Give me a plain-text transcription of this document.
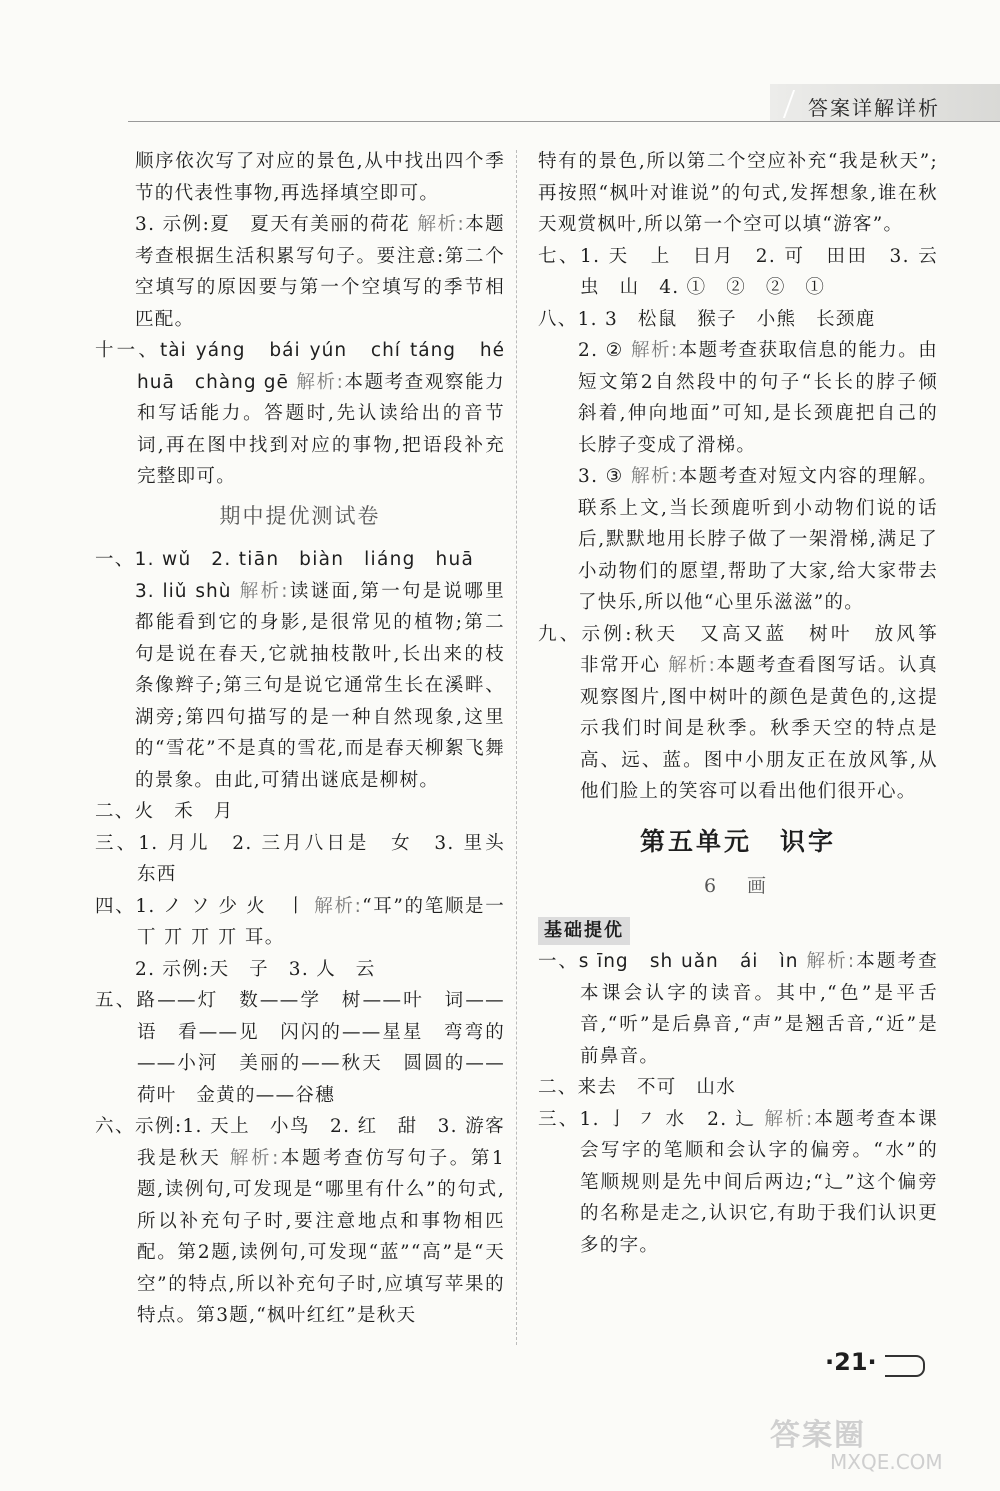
答案详解详析

顺序依次写了对应的景色,从中找出四个季节的代表性事物,再选择填空即可。

3. 示例:夏　夏天有美丽的荷花 解析:本题考查根据生活积累写句子。要注意:第二个空填写的原因要与第一个空填写的季节相匹配。

十一、tài yáng　bái yún　chí táng　hé huā　chàng gē 解析:本题考查观察能力和写话能力。答题时,先认读给出的音节词,再在图中找到对应的事物,把语段补充完整即可。

期中提优测试卷

一、1. wǔ　2. tiān　biàn　liáng　huā

3. liǔ shù 解析:读谜面,第一句是说哪里都能看到它的身影,是很常见的植物;第二句是说在春天,它就抽枝散叶,长出来的枝条像辫子;第三句是说它通常生长在溪畔、湖旁;第四句描写的是一种自然现象,这里的“雪花”不是真的雪花,而是春天柳絮飞舞的景象。由此,可猜出谜底是柳树。

二、火　禾　月

三、1. 月儿　2. 三月八日是　女　3. 里头　东西

四、1. ノ ソ 少 火　丨 解析:“耳”的笔顺是一 丅 丌 丌 丌 耳。

2. 示例:天　子　3. 人　云

五、路——灯　数——学　树——叶　词——语　看——见　闪闪的——星星　弯弯的——小河　美丽的——秋天　圆圆的——荷叶　金黄的——谷穗

六、示例:1. 天上　小鸟　2. 红　甜　3. 游客　我是秋天 解析:本题考查仿写句子。第1题,读例句,可发现是“哪里有什么”的句式,所以补充句子时,要注意地点和事物相匹配。第2题,读例句,可发现“蓝”“高”是“天空”的特点,所以补充句子时,应填写苹果的特点。第3题,“枫叶红红”是秋天

特有的景色,所以第二个空应补充“我是秋天”;再按照“枫叶对谁说”的句式,发挥想象,谁在秋天观赏枫叶,所以第一个空可以填“游客”。

七、1. 天　上　日月　2. 可　田田　3. 云　虫　山　4. ①　②　②　①

八、1. 3　松鼠　猴子　小熊　长颈鹿

2. ② 解析:本题考查获取信息的能力。由短文第2自然段中的句子“长长的脖子倾斜着,伸向地面”可知,是长颈鹿把自己的长脖子变成了滑梯。

3. ③ 解析:本题考查对短文内容的理解。联系上文,当长颈鹿听到小动物们说的话后,默默地用长脖子做了一架滑梯,满足了小动物们的愿望,帮助了大家,给大家带去了快乐,所以他“心里乐滋滋”的。

九、示例:秋天　又高又蓝　树叶　放风筝　非常开心 解析:本题考查看图写话。认真观察图片,图中树叶的颜色是黄色的,这提示我们时间是秋季。秋季天空的特点是高、远、蓝。图中小朋友正在放风筝,从他们脸上的笑容可以看出他们很开心。

第五单元　识字
6　画

基础提优

一、s īng　sh uǎn　ái　ìn 解析:本题考查本课会认字的读音。其中,“色”是平舌音,“听”是后鼻音,“声”是翘舌音,“近”是前鼻音。

二、来去　不可　山水

三、1. 亅 ㇇ 水　2. 辶 解析:本题考查本课会写字的笔顺和会认字的偏旁。“水”的笔顺规则是先中间后两边;“辶”这个偏旁的名称是走之,认识它,有助于我们认识更多的字。

·21·
答案圈
MXQE.COM
